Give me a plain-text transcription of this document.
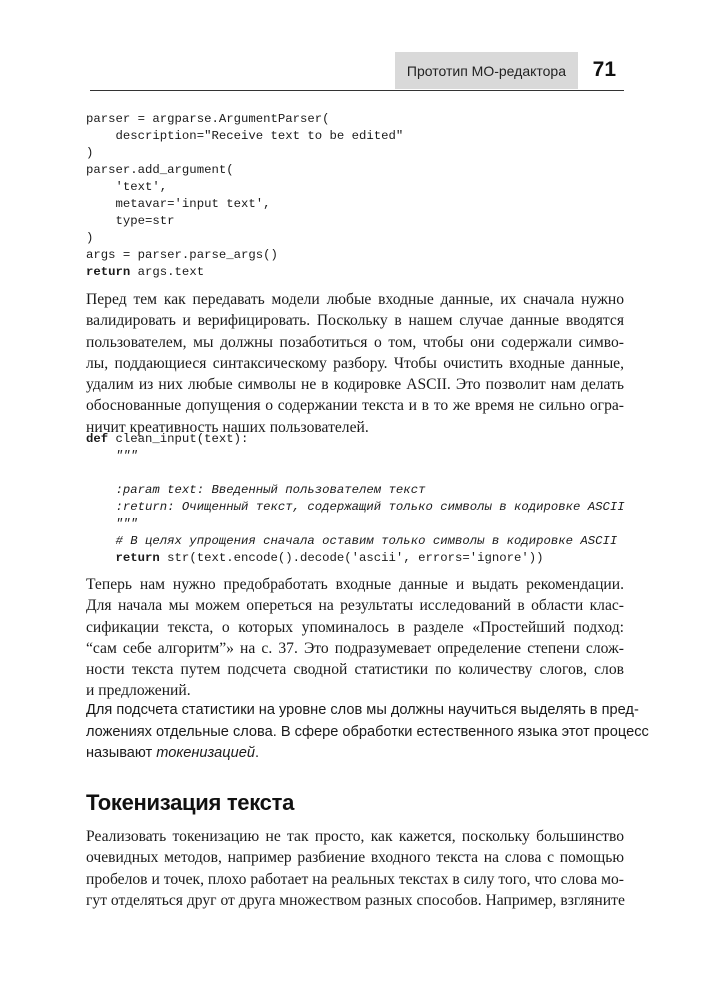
Прототип МО-редактора	71
parser = argparse.ArgumentParser(
description="Receive text to be edited"
)
parser.add_argument(
'text',
metavar='input text',
type=str
)
args = parser.parse_args()
return args.text
Перед тем как передавать модели любые входные данные, их сначала нужно
валидировать и верифицировать. Поскольку в нашем случае данные вводятся
пользователем, мы должны позаботиться о том, чтобы они содержали симво-
лы, поддающиеся синтаксическому разбору. Чтобы очистить входные данные,
удалим из них любые символы не в кодировке ASCII. Это позволит нам делать
обоснованные допущения о содержании текста и в то же время не сильно огра-
ничит креативность наших пользователей.
def clean_input(text):
"""
:param text: Введенный пользователем текст
:return: Очищенный текст, содержащий только символы в кодировке ASCII
"""
# В целях упрощения сначала оставим только символы в кодировке ASCII
return str(text.encode().decode('ascii', errors='ignore'))
Теперь нам нужно предобработать входные данные и выдать рекомендации.
Для начала мы можем опереться на результаты исследований в области клас-
сификации текста, о которых упоминалось в разделе «Простейший подход:
“сам себе алгоритм”» на с. 37. Это подразумевает определение степени слож-
ности текста путем подсчета сводной статистики по количеству слогов, слов
и предложений.
Для подсчета статистики на уровне слов мы должны научиться выделять в пред-
ложениях отдельные слова. В сфере обработки естественного языка этот процесс
называют токенизацией.
Токенизация текста
Реализовать токенизацию не так просто, как кажется, поскольку большинство
очевидных методов, например разбиение входного текста на слова с помощью
пробелов и точек, плохо работает на реальных текстах в силу того, что слова мо-
гут отделяться друг от друга множеством разных способов. Например, взгляните
